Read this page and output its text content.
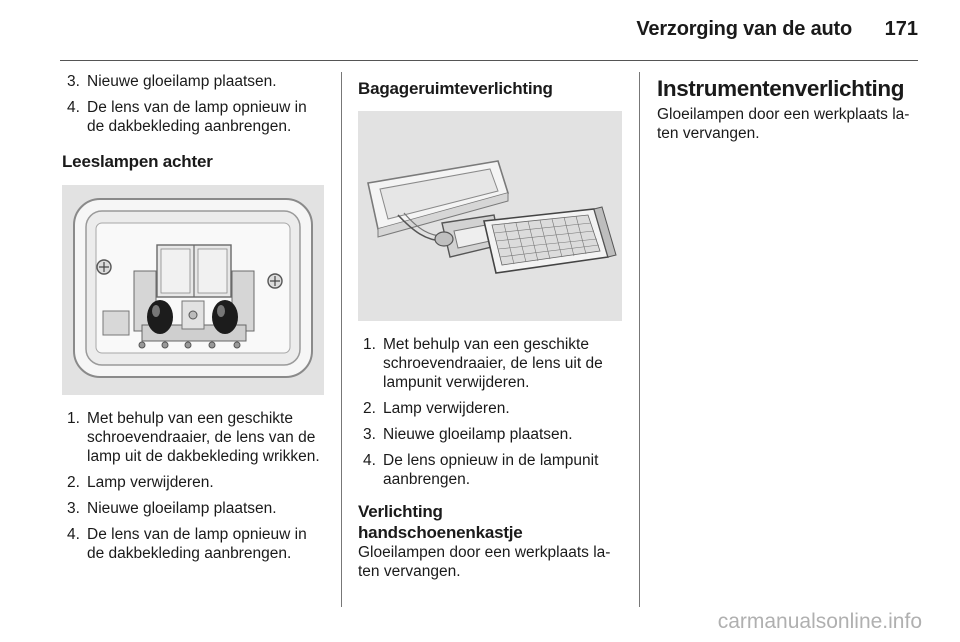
Verzorging van de auto 171
3. Nieuwe gloeilamp plaatsen.
4. De lens van de lamp opnieuw in de dakbekleding aanbrengen.
Leeslampen achter
1. Met behulp van een geschikte schroevendraaier, de lens van de lamp uit de dakbekleding wrikken.
2. Lamp verwijderen.
3. Nieuwe gloeilamp plaatsen.
4. De lens van de lamp opnieuw in de dakbekleding aanbrengen.
Bagageruimteverlichting
1. Met behulp van een geschikte schroevendraaier, de lens uit de lampunit verwijderen.
2. Lamp verwijderen.
3. Nieuwe gloeilamp plaatsen.
4. De lens opnieuw in de lampunit aanbrengen.
Verlichting
handschoenenkastje

Gloeilampen door een werkplaats laten vervangen.

Instrumentenverlichting

Gloeilampen door een werkplaats laten vervangen.

carmanualsonline.info
